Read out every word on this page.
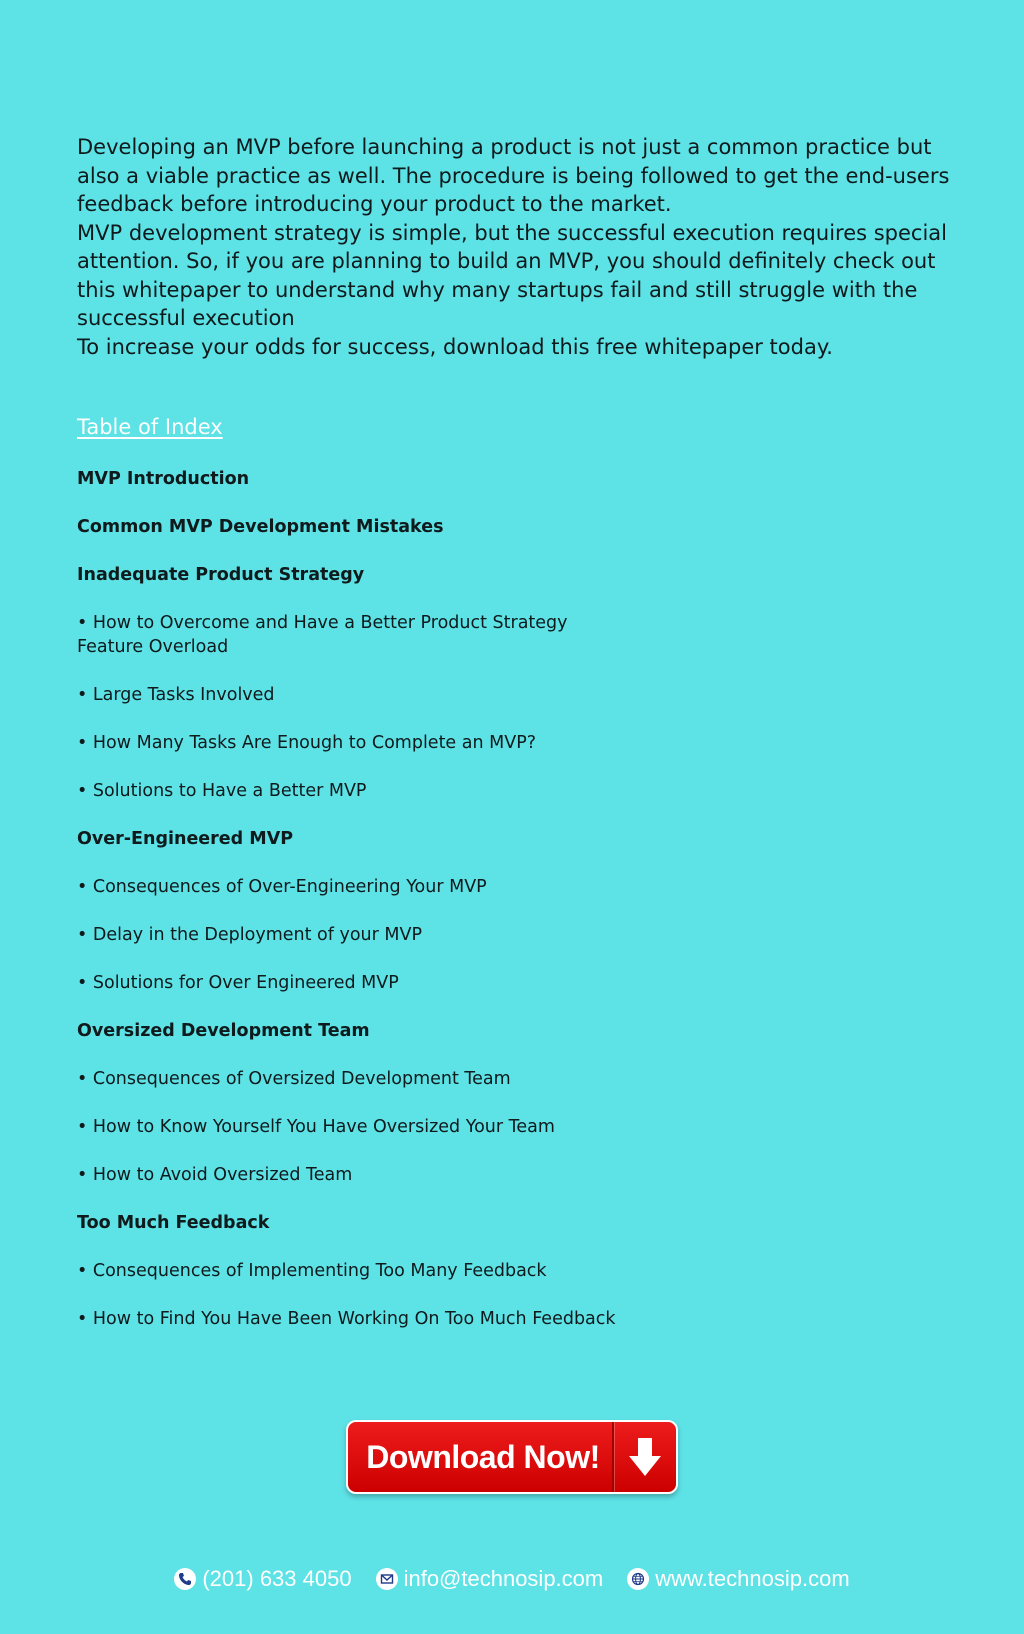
Developing an MVP before launching a product is not just a common practice but also a viable practice as well. The procedure is being followed to get the end-users feedback before introducing your product to the market.

MVP development strategy is simple, but the successful execution requires special attention. So, if you are planning to build an MVP, you should definitely check out this whitepaper to understand why many startups fail and still struggle with the successful execution

To increase your odds for success, download this free whitepaper today.

Table of Index
MVP Introduction
Common MVP Development Mistakes
Inadequate Product Strategy
• How to Overcome and Have a Better Product Strategy
Feature Overload
• Large Tasks Involved
• How Many Tasks Are Enough to Complete an MVP?
• Solutions to Have a Better MVP
Over-Engineered MVP
• Consequences of Over-Engineering Your MVP
• Delay in the Deployment of your MVP
• Solutions for Over Engineered MVP
Oversized Development Team
• Consequences of Oversized Development Team
• How to Know Yourself You Have Oversized Your Team
• How to Avoid Oversized Team
Too Much Feedback
• Consequences of Implementing Too Many Feedback
• How to Find You Have Been Working On Too Much Feedback
Download Now!
(201) 633 4050 info@technosip.com www.technosip.com
